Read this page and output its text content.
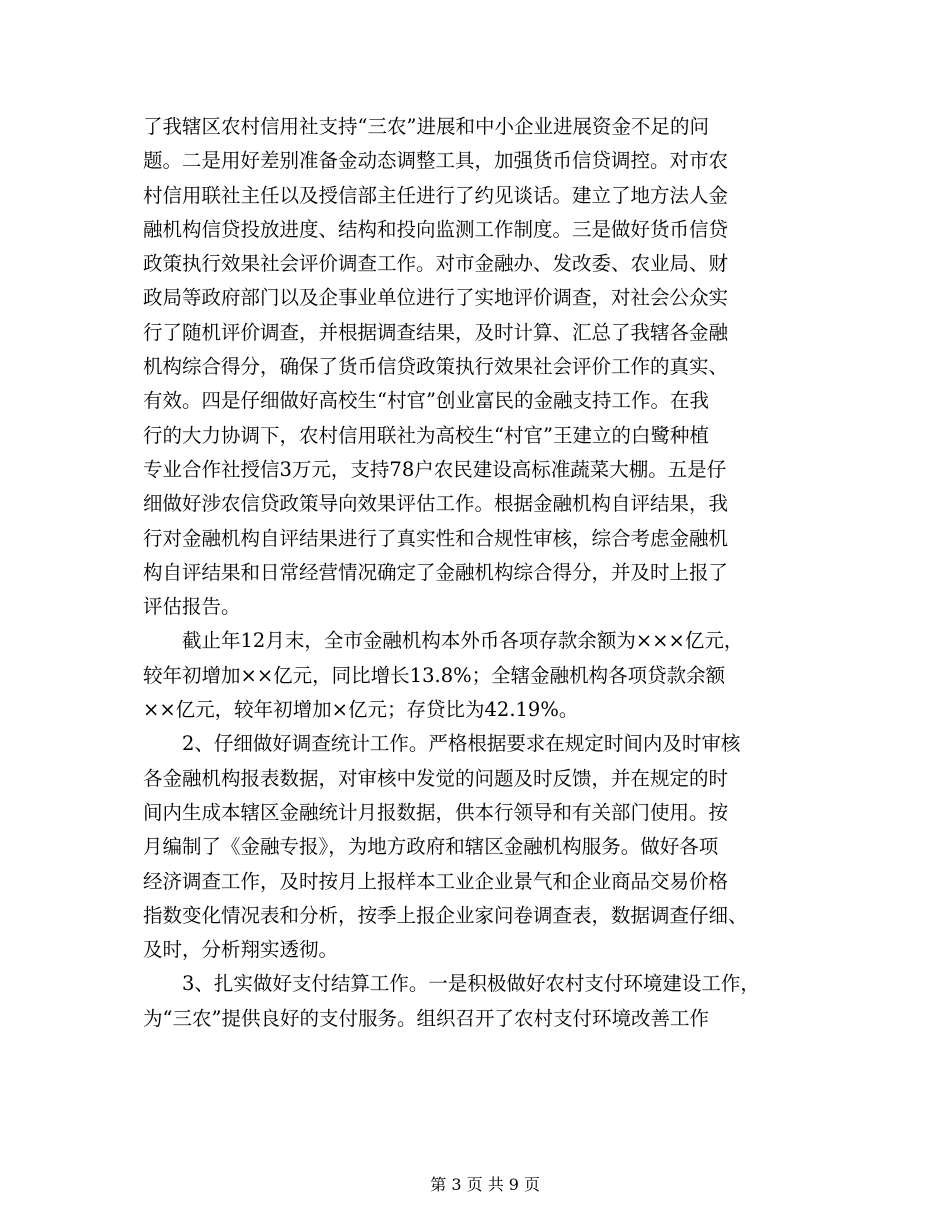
了我辖区农村信用社支持“三农”进展和中小企业进展资金不足的问
题。二是用好差别准备金动态调整工具，加强货币信贷调控。对市农
村信用联社主任以及授信部主任进行了约见谈话。建立了地方法人金
融机构信贷投放进度、结构和投向监测工作制度。三是做好货币信贷
政策执行效果社会评价调查工作。对市金融办、发改委、农业局、财
政局等政府部门以及企事业单位进行了实地评价调查，对社会公众实
行了随机评价调查，并根据调查结果，及时计算、汇总了我辖各金融
机构综合得分，确保了货币信贷政策执行效果社会评价工作的真实、
有效。四是仔细做好高校生“村官”创业富民的金融支持工作。在我
行的大力协调下，农村信用联社为高校生“村官”王建立的白鹭种植
专业合作社授信3万元，支持78户农民建设高标准蔬菜大棚。五是仔
细做好涉农信贷政策导向效果评估工作。根据金融机构自评结果，我
行对金融机构自评结果进行了真实性和合规性审核，综合考虑金融机
构自评结果和日常经营情况确定了金融机构综合得分，并及时上报了
评估报告。

　　截止年12月末，全市金融机构本外币各项存款余额为×××亿元，
较年初增加××亿元，同比增长13.8%；全辖金融机构各项贷款余额
××亿元，较年初增加×亿元；存贷比为42.19%。

　　2、仔细做好调查统计工作。严格根据要求在规定时间内及时审核
各金融机构报表数据，对审核中发觉的问题及时反馈，并在规定的时
间内生成本辖区金融统计月报数据，供本行领导和有关部门使用。按
月编制了《金融专报》，为地方政府和辖区金融机构服务。做好各项
经济调查工作，及时按月上报样本工业企业景气和企业商品交易价格
指数变化情况表和分析，按季上报企业家问卷调查表，数据调查仔细、
及时，分析翔实透彻。

　　3、扎实做好支付结算工作。一是积极做好农村支付环境建设工作，
为“三农”提供良好的支付服务。组织召开了农村支付环境改善工作

第 3 页 共 9 页
